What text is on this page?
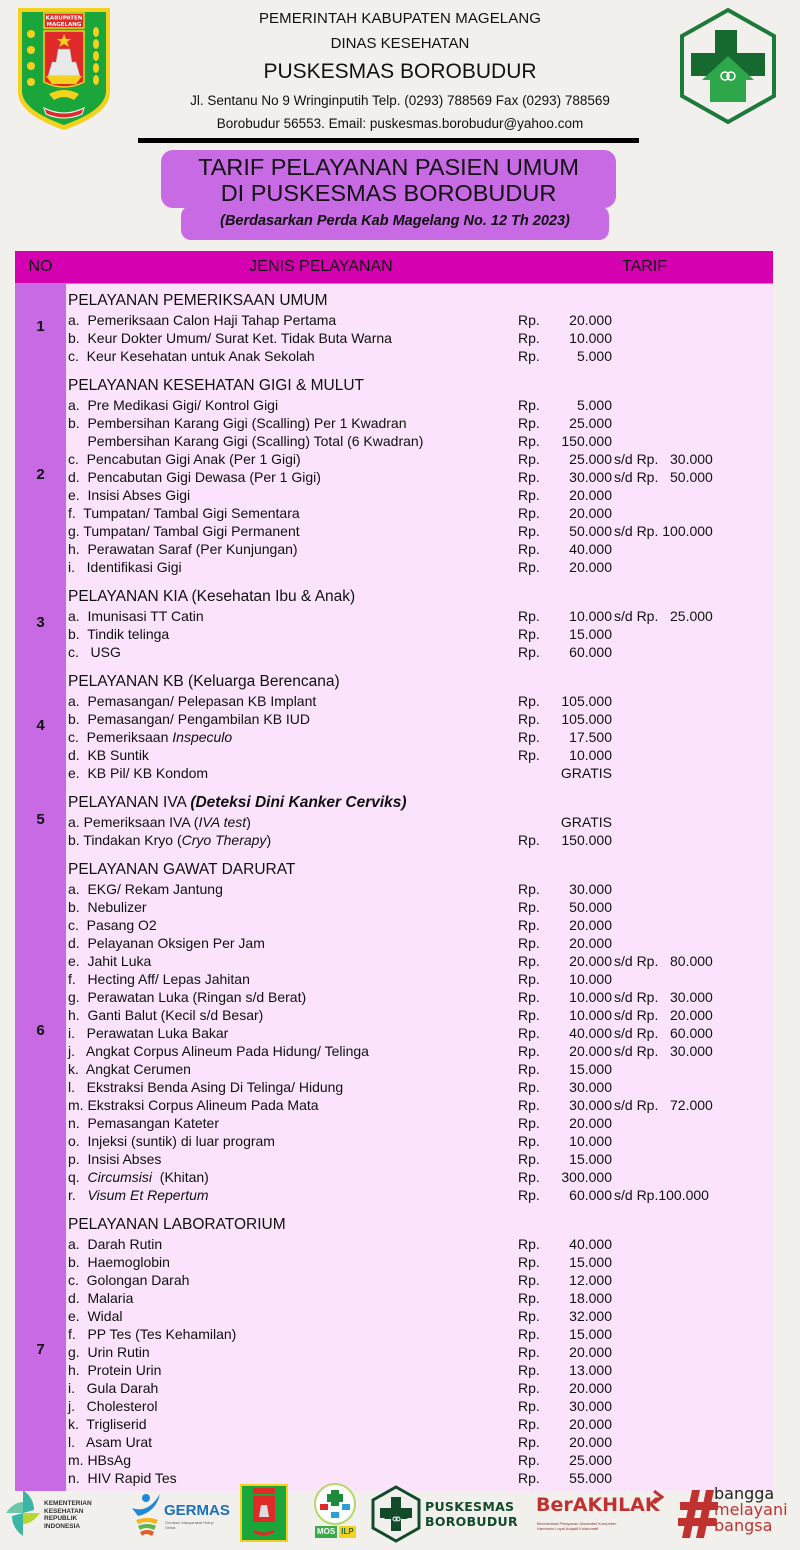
KABUPATEN
MAGELANG	PEMERINTAH KABUPATEN MAGELANG
DINAS KESEHATAN
PUSKESMAS BOROBUDUR
Jl. Sentanu No 9 Wringinputih Telp. (0293) 788569 Fax (0293) 788569
Borobudur 56553. Email: puskesmas.borobudur@yahoo.com
TARIF PELAYANAN PASIEN UMUM
DI PUSKESMAS BOROBUDUR
(Berdasarkan Perda Kab Magelang No. 12 Th 2023)
NO	JENIS PELAYANAN	TARIF
1
PELAYANAN PEMERIKSAAN UMUM
a.  Pemeriksaan Calon Haji Tahap Pertama	Rp.	20.000
b.  Keur Dokter Umum/ Surat Ket. Tidak Buta Warna	Rp.	10.000
c.  Keur Kesehatan untuk Anak Sekolah	Rp.	5.000
2
PELAYANAN KESEHATAN GIGI & MULUT
a.  Pre Medikasi Gigi/ Kontrol Gigi	Rp.	5.000
b.  Pembersihan Karang Gigi (Scalling) Per 1 Kwadran	Rp.	25.000
Pembersihan Karang Gigi (Scalling) Total (6 Kwadran)	Rp.	150.000
c.  Pencabutan Gigi Anak (Per 1 Gigi)	Rp.	25.000 s/d Rp.   30.000
d.  Pencabutan Gigi Dewasa (Per 1 Gigi)	Rp.	30.000 s/d Rp.   50.000
e.  Insisi Abses Gigi	Rp.	20.000
f.  Tumpatan/ Tambal Gigi Sementara	Rp.	20.000
g. Tumpatan/ Tambal Gigi Permanent	Rp.	50.000 s/d Rp. 100.000
h.  Perawatan Saraf (Per Kunjungan)	Rp.	40.000
i.   Identifikasi Gigi	Rp.	20.000
3
PELAYANAN KIA (Kesehatan Ibu & Anak)
a.  Imunisasi TT Catin	Rp.	10.000 s/d Rp.   25.000
b.  Tindik telinga	Rp.	15.000
c.   USG	Rp.	60.000
4
PELAYANAN KB (Keluarga Berencana)
a.  Pemasangan/ Pelepasan KB Implant	Rp.	105.000
b.  Pemasangan/ Pengambilan KB IUD	Rp.	105.000
c.  Pemeriksaan Inspeculo	Rp.	17.500
d.  KB Suntik	Rp.	10.000
e.  KB Pil/ KB Kondom	GRATIS
5
PELAYANAN IVA (Deteksi Dini Kanker Cerviks)
a. Pemeriksaan IVA (IVA test)	GRATIS
b. Tindakan Kryo (Cryo Therapy)	Rp.	150.000
6
PELAYANAN GAWAT DARURAT
a.  EKG/ Rekam Jantung	Rp.	30.000
b.  Nebulizer	Rp.	50.000
c.  Pasang O2	Rp.	20.000
d.  Pelayanan Oksigen Per Jam	Rp.	20.000
e.  Jahit Luka	Rp.	20.000 s/d Rp.   80.000
f.   Hecting Aff/ Lepas Jahitan	Rp.	10.000
g.  Perawatan Luka (Ringan s/d Berat)	Rp.	10.000 s/d Rp.   30.000
h.  Ganti Balut (Kecil s/d Besar)	Rp.	10.000 s/d Rp.   20.000
i.   Perawatan Luka Bakar	Rp.	40.000 s/d Rp.   60.000
j.   Angkat Corpus Alineum Pada Hidung/ Telinga	Rp.	20.000 s/d Rp.   30.000
k.  Angkat Cerumen	Rp.	15.000
l.   Ekstraksi Benda Asing Di Telinga/ Hidung	Rp.	30.000
m. Ekstraksi Corpus Alineum Pada Mata	Rp.	30.000 s/d Rp.   72.000
n.  Pemasangan Kateter	Rp.	20.000
o.  Injeksi (suntik) di luar program	Rp.	10.000
p.  Insisi Abses	Rp.	15.000
q.  Circumsisi  (Khitan)	Rp.	300.000
r.   Visum Et Repertum	Rp.	60.000 s/d Rp.100.000
7
PELAYANAN LABORATORIUM
a.  Darah Rutin	Rp.	40.000
b.  Haemoglobin	Rp.	15.000
c.  Golongan Darah	Rp.	12.000
d.  Malaria	Rp.	18.000
e.  Widal	Rp.	32.000
f.   PP Tes (Tes Kehamilan)	Rp.	15.000
g.  Urin Rutin	Rp.	20.000
h.  Protein Urin	Rp.	13.000
i.   Gula Darah	Rp.	20.000
j.   Cholesterol	Rp.	30.000
k.  Trigliserid	Rp.	20.000
l.   Asam Urat	Rp.	20.000
m. HBsAg	Rp.	25.000
n.  HIV Rapid Tes	Rp.	55.000
KEMENTERIAN
KESEHATAN
REPUBLIK
INDONESIA
GERMAS
Gerakan Masyarakat Hidup Sehat	MOS ILP
PUSKESMAS
BOROBUDUR
BerAKHLAK
Berorientasi Pelayanan Akuntabel Kompeten
Harmonis Loyal Adaptif Kolaboratif
bangga
melayani
bangsa
